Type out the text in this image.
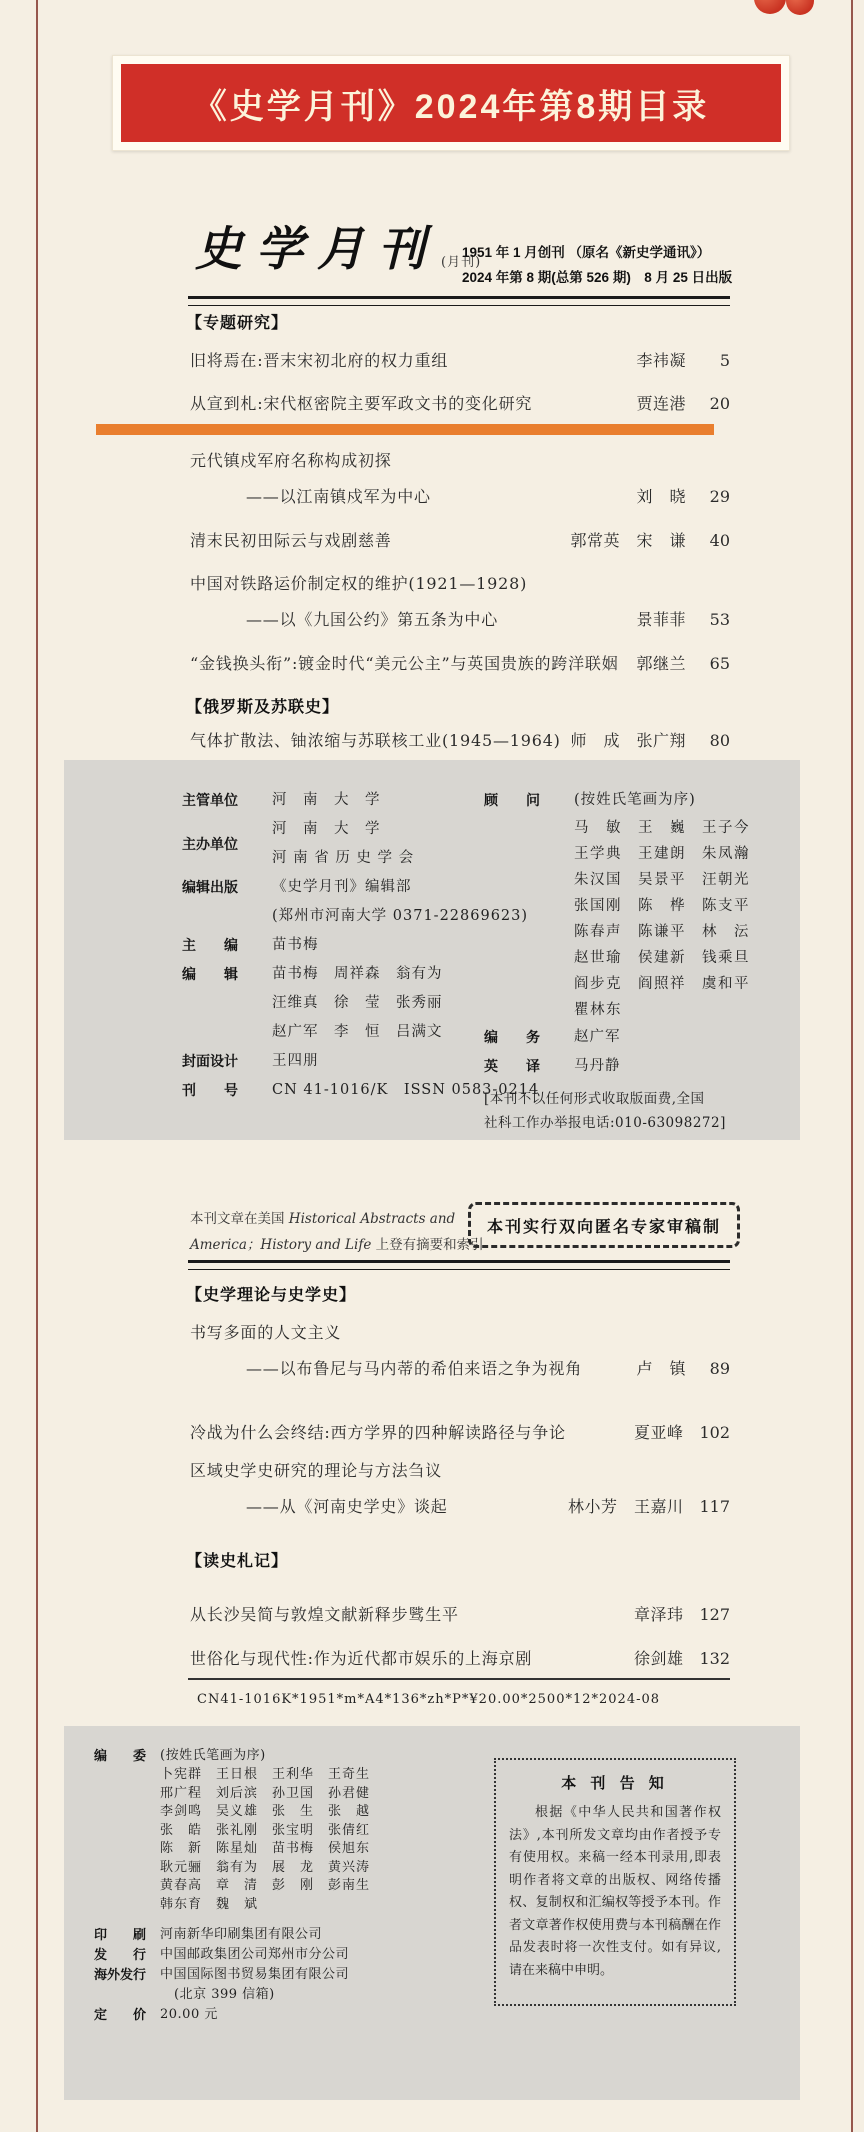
《史学月刊》2024年第8期目录
史学月刊 (月刊)
1951 年 1 月创刊 （原名《新史学通讯》）
2024 年第 8 期(总第 526 期)　8 月 25 日出版
【专题研究】
旧将焉在:晋末宋初北府的权力重组	李祎凝	5
从宣到札:宋代枢密院主要军政文书的变化研究	贾连港	20
元代镇戍军府名称构成初探
——以江南镇戍军为中心	刘　晓	29
清末民初田际云与戏剧慈善	郭常英　宋　谦	40
中国对铁路运价制定权的维护(1921—1928)
——以《九国公约》第五条为中心	景菲菲	53
“金钱换头衔”:镀金时代“美元公主”与英国贵族的跨洋联姻 郭继兰	65
【俄罗斯及苏联史】
气体扩散法、铀浓缩与苏联核工业(1945—1964) 师　成　张广翔	80
主管单位	河　南　大　学
主办单位
河　南　大　学
河 南 省 历 史 学 会
编辑出版	《史学月刊》编辑部
(郑州市河南大学 0371-22869623)
主　　编	苗书梅
编　　辑	苗书梅　周祥森　翁有为
汪维真　徐　莹　张秀丽
赵广军　李　恒　吕满文
封面设计	王四朋
刊　　号	CN 41-1016/K　ISSN 0583-0214
顾　　问	(按姓氏笔画为序)
马　敏　王　巍　王子今
王学典　王建朗　朱凤瀚
朱汉国　吴景平　汪朝光
张国刚　陈　桦　陈支平
陈春声　陈谦平　林　沄
赵世瑜　侯建新　钱乘旦
阎步克　阎照祥　虞和平
瞿林东
编　　务	赵广军
英　　译	马丹静
[本刊不以任何形式收取版面费,全国
社科工作办举报电话:010-63098272]
本刊文章在美国 Historical Abstracts and
America；History and Life 上登有摘要和索引
本刊实行双向匿名专家审稿制
【史学理论与史学史】
书写多面的人文主义
——以布鲁尼与马内蒂的希伯来语之争为视角	卢　镇	89
冷战为什么会终结:西方学界的四种解读路径与争论	夏亚峰 102
区域史学史研究的理论与方法刍议
——从《河南史学史》谈起	林小芳　王嘉川 117
【读史札记】
从长沙吴简与敦煌文献新释步骘生平	章泽玮 127
世俗化与现代性:作为近代都市娱乐的上海京剧	徐剑雄 132
CN41-1016K*1951*m*A4*136*zh*P*¥20.00*2500*12*2024-08
编　　委 (按姓氏笔画为序)
卜宪群　王日根　王利华　王奇生
邢广程　刘后滨　孙卫国　孙君健
李剑鸣　吴义雄　张　生　张　越
张　皓　张礼刚　张宝明　张倩红
陈　新　陈星灿　苗书梅　侯旭东
耿元骊　翁有为　展　龙　黄兴涛
黄春高　章　清　彭　刚　彭南生
韩东育　魏　斌
印　　刷 河南新华印刷集团有限公司
发　　行 中国邮政集团公司郑州市分公司
海外发行 中国国际图书贸易集团有限公司
(北京 399 信箱)
定　　价 20.00 元
本 刊 告 知
根据《中华人民共和国著作权法》,本刊所发文章均由作者授予专有使用权。来稿一经本刊录用,即表明作者将文章的出版权、网络传播权、复制权和汇编权等授予本刊。作者文章著作权使用费与本刊稿酬在作品发表时将一次性支付。如有异议,请在来稿中申明。
